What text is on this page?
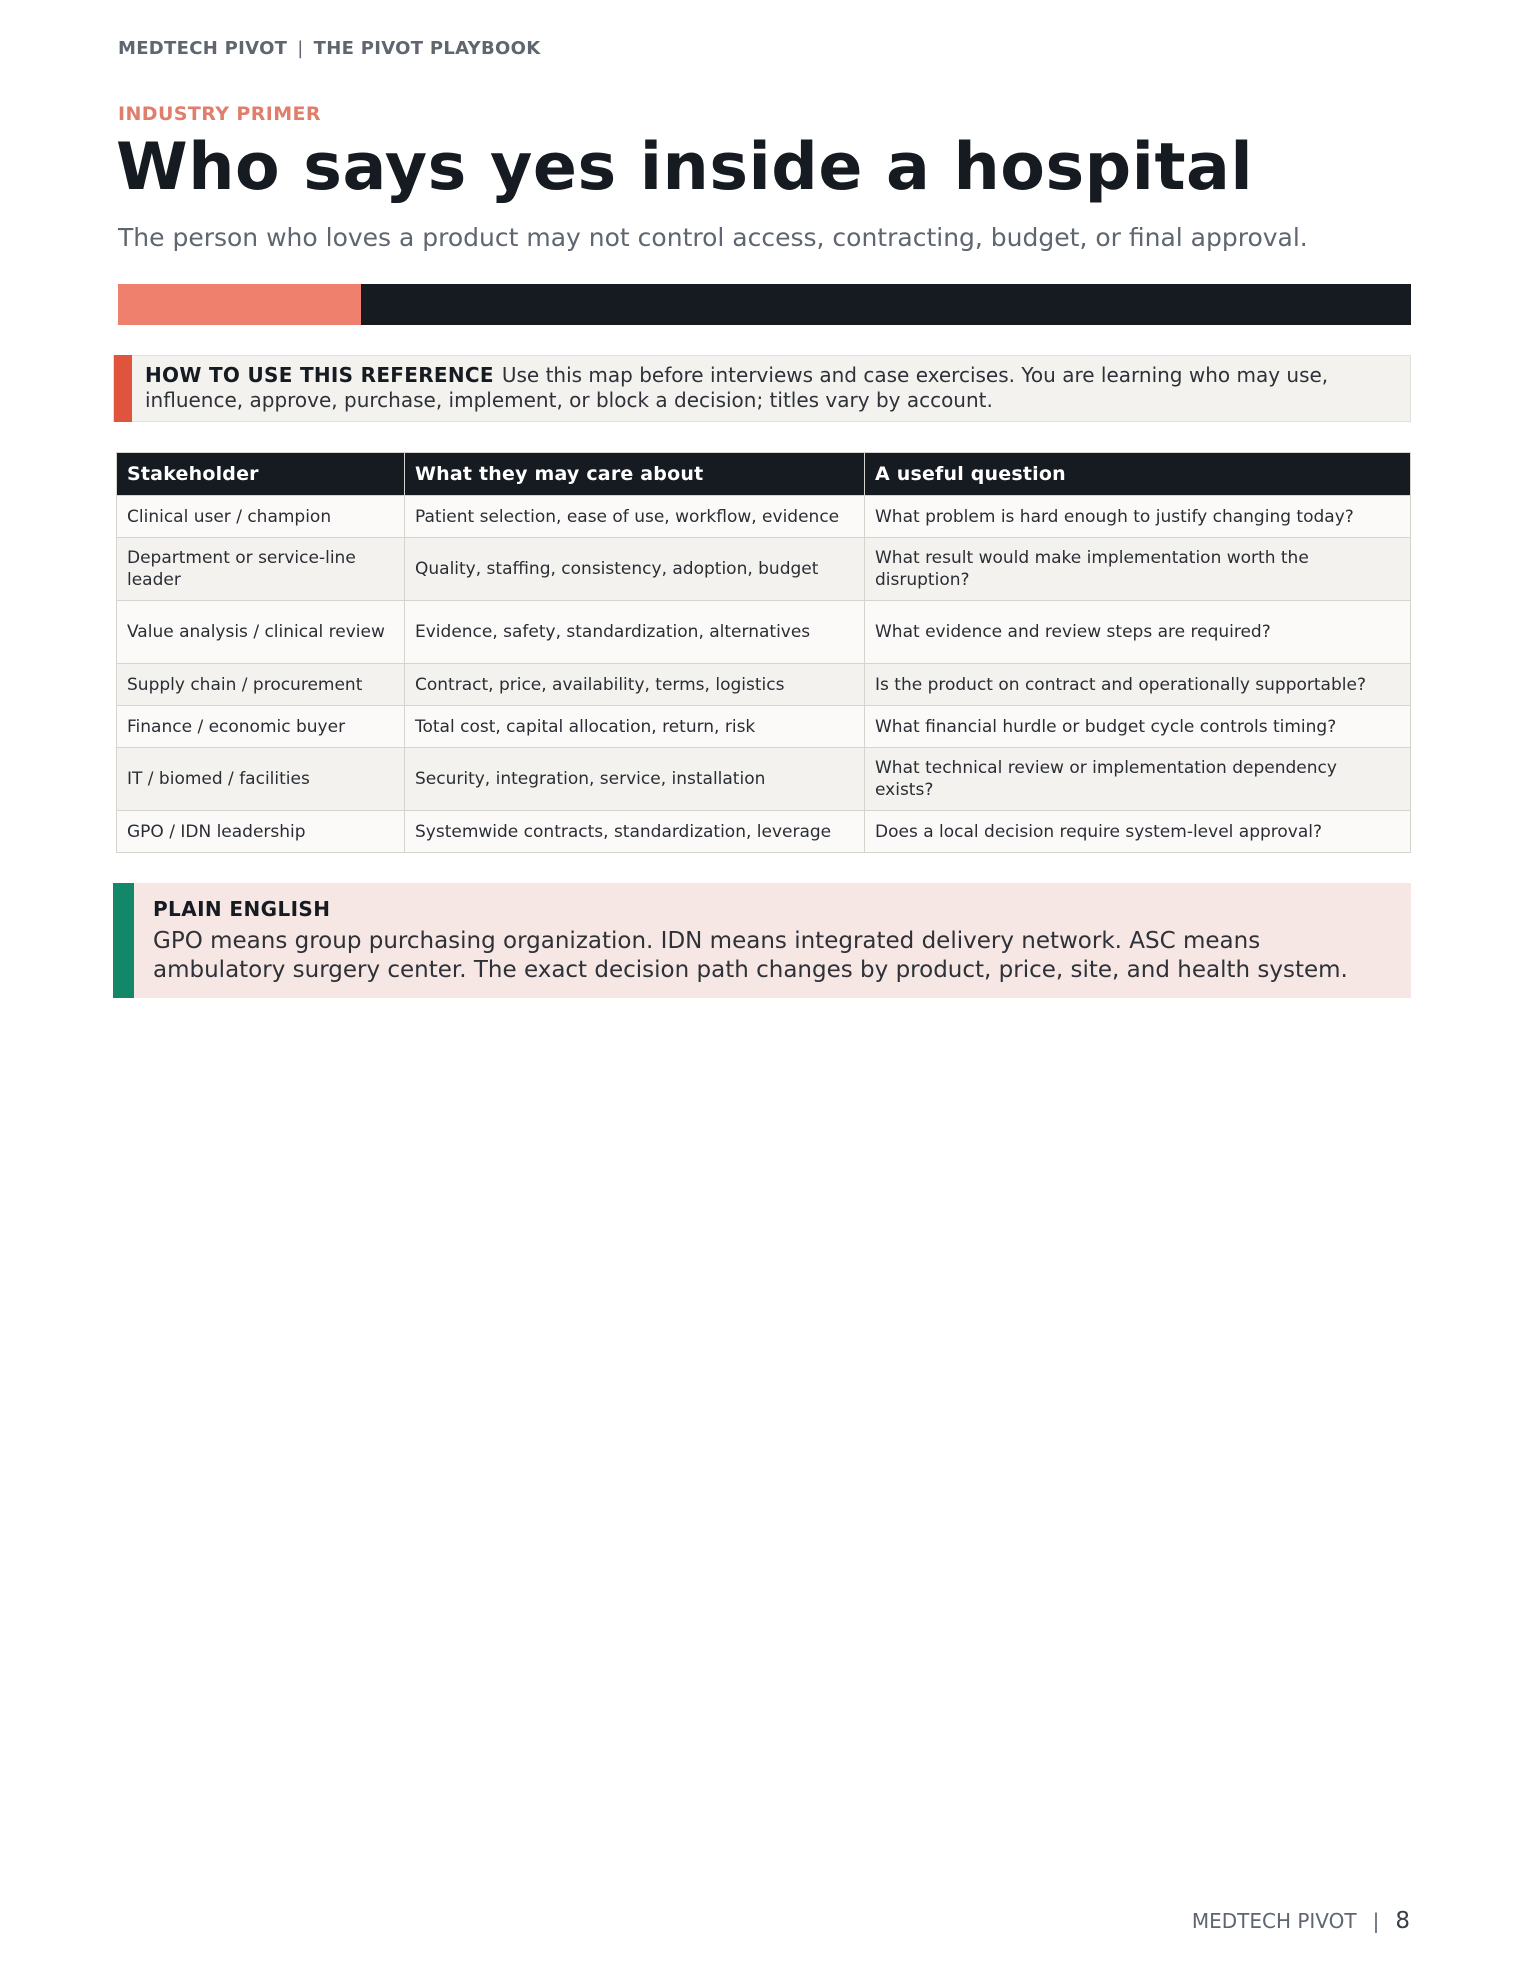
MEDTECH PIVOT | THE PIVOT PLAYBOOK
INDUSTRY PRIMER
Who says yes inside a hospital

The person who loves a product may not control access, contracting, budget, or final approval.

HOW TO USE THIS REFERENCE Use this map before interviews and case exercises. You are learning who may use, influence, approve, purchase, implement, or block a decision; titles vary by account.
Stakeholder	What they may care about	A useful question
Clinical user / champion	Patient selection, ease of use, workflow, evidence	What problem is hard enough to justify changing today?
Department or service-line leader	Quality, staffing, consistency, adoption, budget	What result would make implementation worth the disruption?
Value analysis / clinical review	Evidence, safety, standardization, alternatives	What evidence and review steps are required?
Supply chain / procurement	Contract, price, availability, terms, logistics	Is the product on contract and operationally supportable?
Finance / economic buyer	Total cost, capital allocation, return, risk	What financial hurdle or budget cycle controls timing?
IT / biomed / facilities	Security, integration, service, installation	What technical review or implementation dependency exists?
GPO / IDN leadership	Systemwide contracts, standardization, leverage	Does a local decision require system-level approval?
PLAIN ENGLISH
GPO means group purchasing organization. IDN means integrated delivery network. ASC means ambulatory surgery center. The exact decision path changes by product, price, site, and health system.
MEDTECH PIVOT | 8
